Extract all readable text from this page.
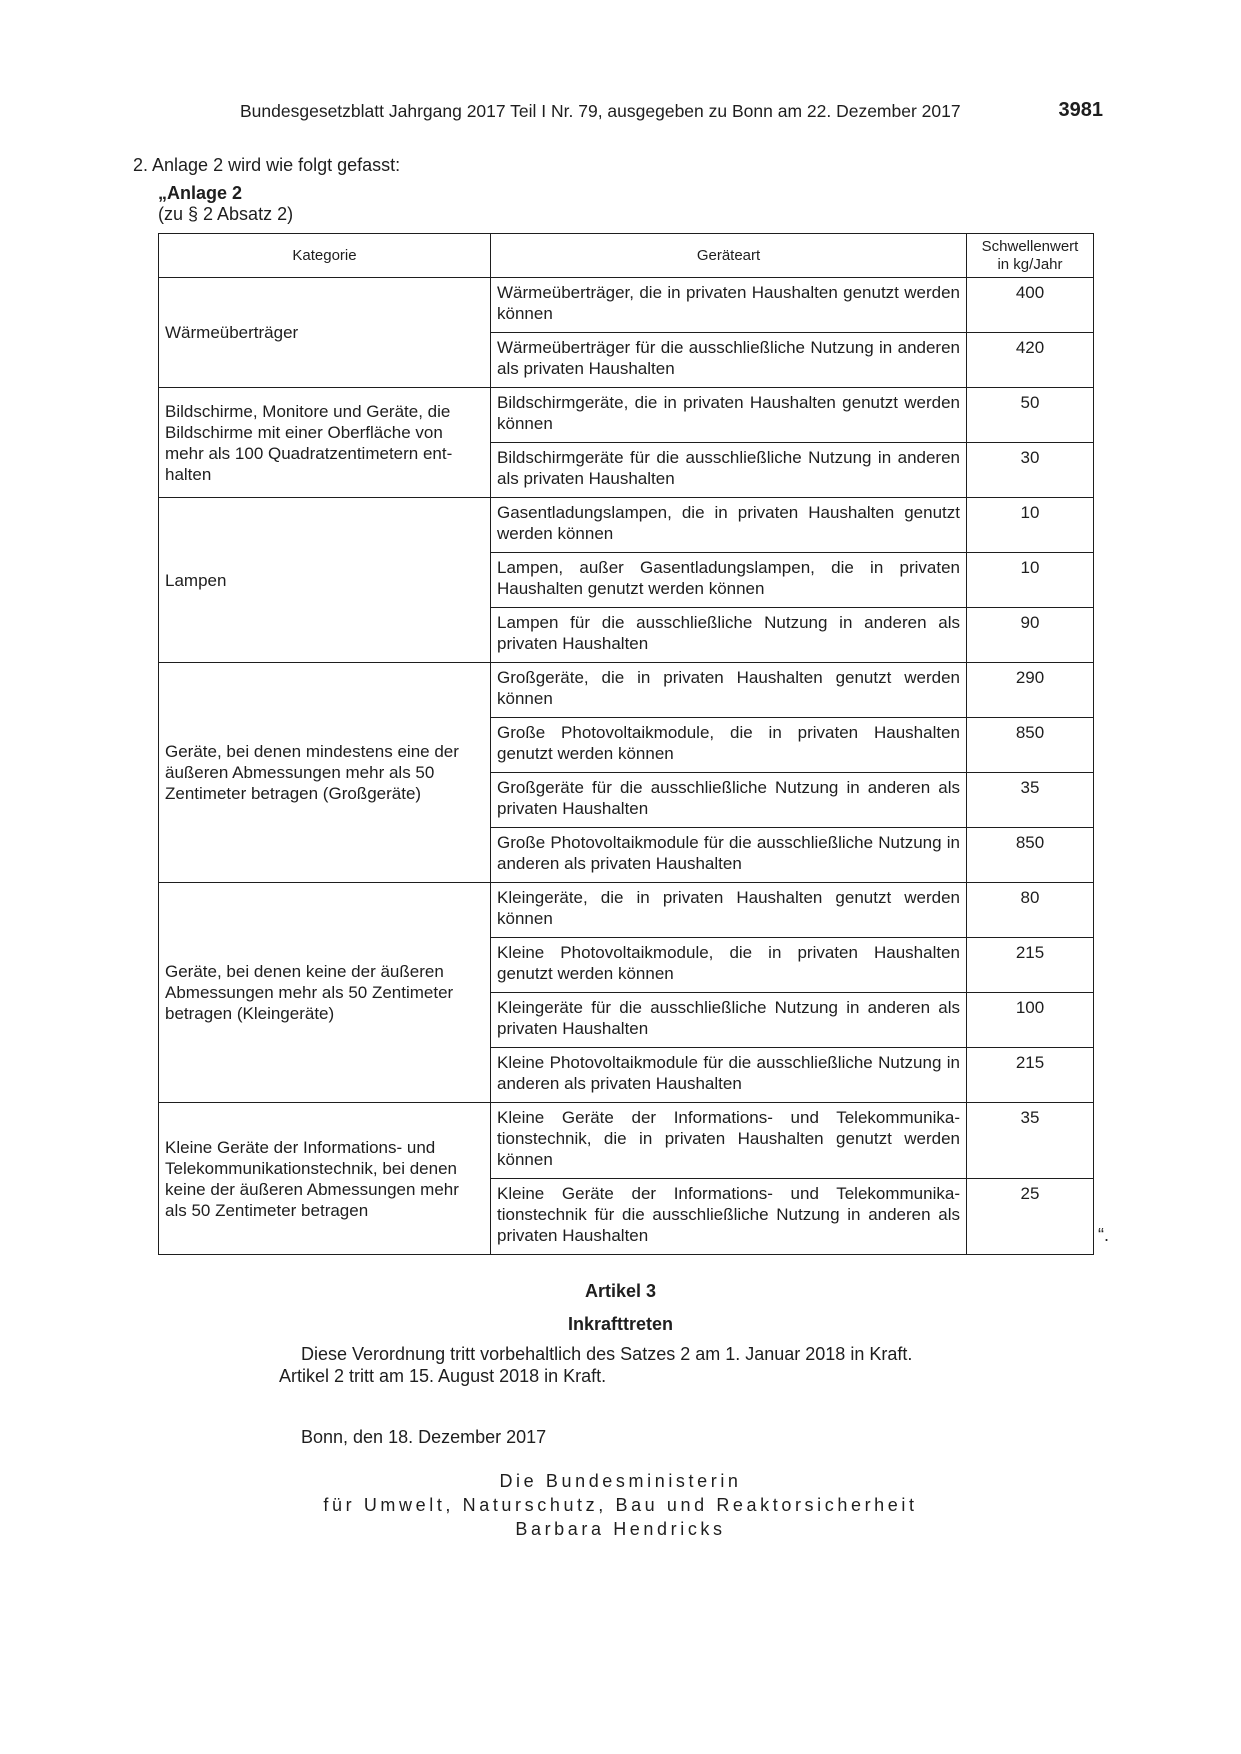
Bundesgesetzblatt Jahrgang 2017 Teil I Nr. 79, ausgegeben zu Bonn am 22. Dezember 2017	3981
2. Anlage 2 wird wie folgt gefasst:
„Anlage 2
(zu § 2 Absatz 2)
Kategorie	Geräteart	Schwellenwert
in kg/Jahr
Wärmeüberträger	Wärmeüberträger, die in privaten Haushalten genutzt werden können	400
	Wärmeüberträger für die ausschließliche Nutzung in anderen als privaten Haushalten	420
Bildschirme, Monitore und Geräte, die Bildschirme mit einer Oberfläche von mehr als 100 Quadratzentimetern enthalten	Bildschirmgeräte, die in privaten Haushalten genutzt werden können	50
	Bildschirmgeräte für die ausschließliche Nutzung in anderen als privaten Haushalten	30
Lampen	Gasentladungslampen, die in privaten Haushalten genutzt werden können	10
	Lampen, außer Gasentladungslampen, die in privaten Haushalten genutzt werden können	10
	Lampen für die ausschließliche Nutzung in anderen als privaten Haushalten	90
Geräte, bei denen mindestens eine der äußeren Abmessungen mehr als 50 Zentimeter betragen (Großgeräte)	Großgeräte, die in privaten Haushalten genutzt werden können	290
	Große Photovoltaikmodule, die in privaten Haushalten genutzt werden können	850
	Großgeräte für die ausschließliche Nutzung in anderen als privaten Haushalten	35
	Große Photovoltaikmodule für die ausschließliche Nutzung in anderen als privaten Haushalten	850
Geräte, bei denen keine der äußeren Abmessungen mehr als 50 Zentimeter betragen (Kleingeräte)	Kleingeräte, die in privaten Haushalten genutzt werden können	80
	Kleine Photovoltaikmodule, die in privaten Haushalten genutzt werden können	215
	Kleingeräte für die ausschließliche Nutzung in anderen als privaten Haushalten	100
	Kleine Photovoltaikmodule für die ausschließliche Nutzung in anderen als privaten Haushalten	215
Kleine Geräte der Informations- und Telekommunikationstechnik, bei denen keine der äußeren Abmessungen mehr als 50 Zentimeter betragen	Kleine Geräte der Informations- und Telekommunikationstechnik, die in privaten Haushalten genutzt werden können	35
	Kleine Geräte der Informations- und Telekommunikationstechnik für die ausschließliche Nutzung in anderen als privaten Haushalten	25
“.
Artikel 3
Inkrafttreten
Diese Verordnung tritt vorbehaltlich des Satzes 2 am 1. Januar 2018 in Kraft.
Artikel 2 tritt am 15. August 2018 in Kraft.
Bonn, den 18. Dezember 2017
Die Bundesministerin
für Umwelt, Naturschutz, Bau und Reaktorsicherheit
Barbara Hendricks
